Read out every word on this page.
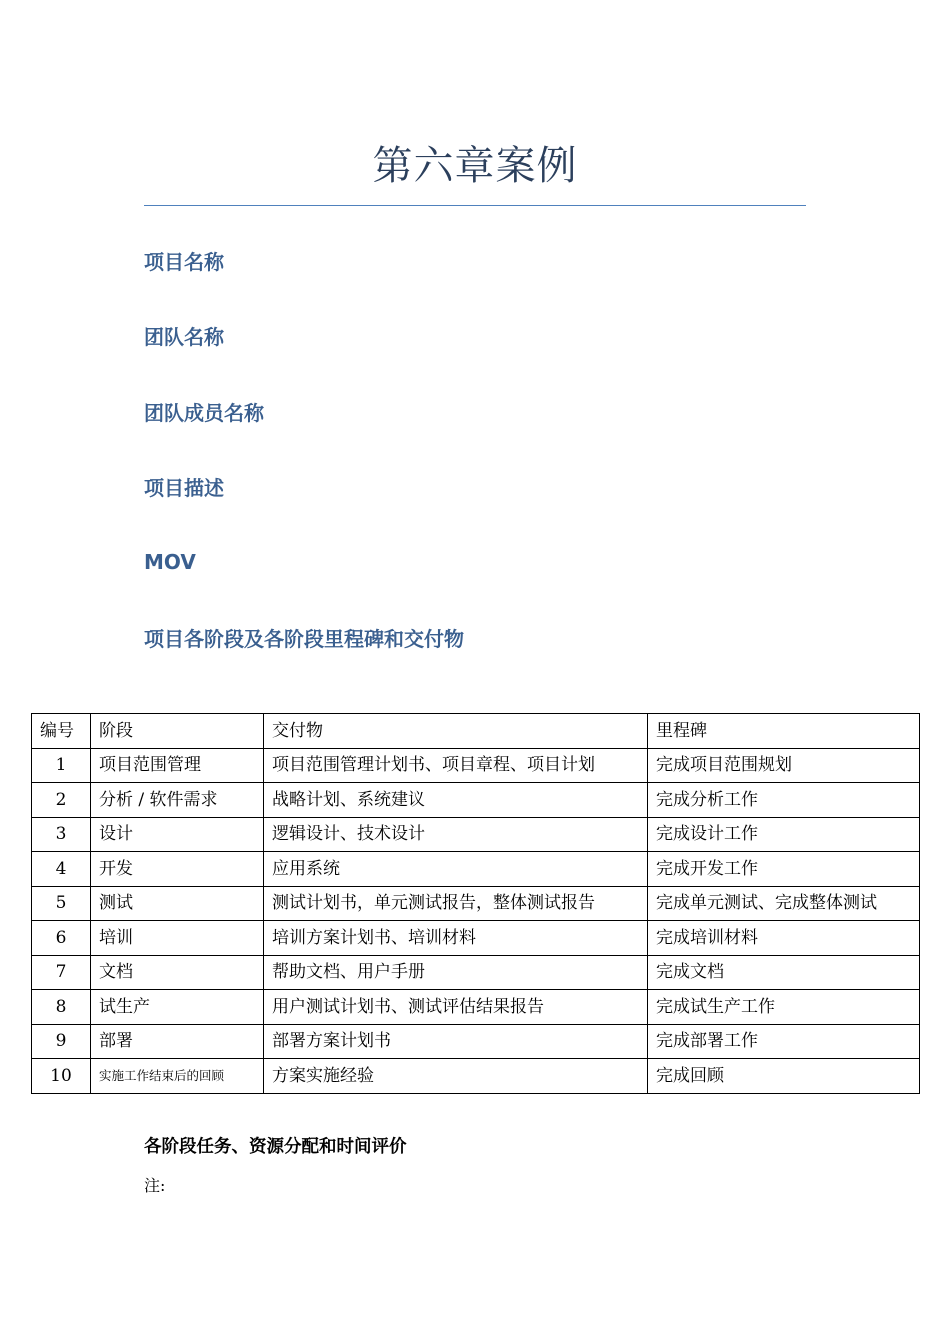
第六章案例
项目名称
团队名称
团队成员名称
项目描述
MOV
项目各阶段及各阶段里程碑和交付物
编号	阶段	交付物	里程碑
1	项目范围管理	项目范围管理计划书、项目章程、项目计划	完成项目范围规划
2	分析 / 软件需求	战略计划、系统建议	完成分析工作
3	设计	逻辑设计、技术设计	完成设计工作
4	开发	应用系统	完成开发工作
5	测试	测试计划书，单元测试报告，整体测试报告	完成单元测试、完成整体测试
6	培训	培训方案计划书、培训材料	完成培训材料
7	文档	帮助文档、用户手册	完成文档
8	试生产	用户测试计划书、测试评估结果报告	完成试生产工作
9	部署	部署方案计划书	完成部署工作
10	实施工作结束后的回顾	方案实施经验	完成回顾
各阶段任务、资源分配和时间评价
注:
